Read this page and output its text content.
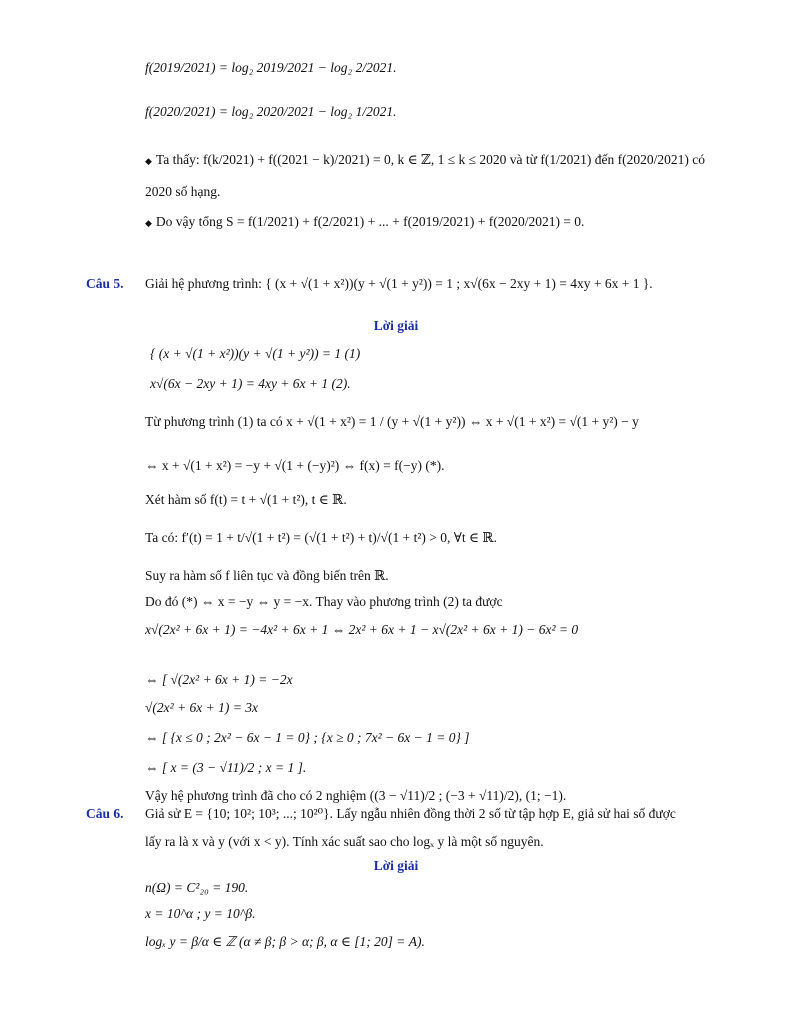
f(2019/2021) = log₂ 2019/2021 − log₂ 2/2021.
f(2020/2021) = log₂ 2020/2021 − log₂ 1/2021.
◆ Ta thấy: f(k/2021) + f((2021 − k)/2021) = 0, k ∈ ℤ, 1 ≤ k ≤ 2020 và từ f(1/2021) đến f(2020/2021) có
2020 số hạng.
◆ Do vậy tổng S = f(1/2021) + f(2/2021) + ... + f(2019/2021) + f(2020/2021) = 0.
Câu 5. Giải hệ phương trình: { (x + √(1 + x²))(y + √(1 + y²)) = 1 ; x√(6x − 2xy + 1) = 4xy + 6x + 1 }.
Lời giải
{ (x + √(1 + x²))(y + √(1 + y²)) = 1 (1)
x√(6x − 2xy + 1) = 4xy + 6x + 1 (2).
Từ phương trình (1) ta có x + √(1 + x²) = 1 / (y + √(1 + y²)) ⇔ x + √(1 + x²) = √(1 + y²) − y
⇔ x + √(1 + x²) = −y + √(1 + (−y)²) ⇔ f(x) = f(−y) (*).
Xét hàm số f(t) = t + √(1 + t²), t ∈ ℝ.
Ta có: f′(t) = 1 + t/√(1 + t²) = (√(1 + t²) + t)/√(1 + t²) > 0, ∀t ∈ ℝ.
Suy ra hàm số f liên tục và đồng biến trên ℝ.
Do đó (*) ⇔ x = −y ⇔ y = −x. Thay vào phương trình (2) ta được
x√(2x² + 6x + 1) = −4x² + 6x + 1 ⇔ 2x² + 6x + 1 − x√(2x² + 6x + 1) − 6x² = 0
⇔ [ √(2x² + 6x + 1) = −2x
√(2x² + 6x + 1) = 3x
⇔ [ {x ≤ 0 ; 2x² − 6x − 1 = 0} ; {x ≥ 0 ; 7x² − 6x − 1 = 0} ]
⇔ [ x = (3 − √11)/2 ; x = 1 ].
Vậy hệ phương trình đã cho có 2 nghiệm ((3 − √11)/2 ; (−3 + √11)/2), (1; −1).
Câu 6. Giả sử E = {10; 10²; 10³; ...; 10²⁰}. Lấy ngẫu nhiên đồng thời 2 số từ tập hợp E, giả sử hai số được
lấy ra là x và y (với x < y). Tính xác suất sao cho logₓ y là một số nguyên.
Lời giải
n(Ω) = C²₂₀ = 190.
x = 10^α ; y = 10^β.
logₓ y = β/α ∈ ℤ (α ≠ β; β > α; β, α ∈ [1; 20] = A).
